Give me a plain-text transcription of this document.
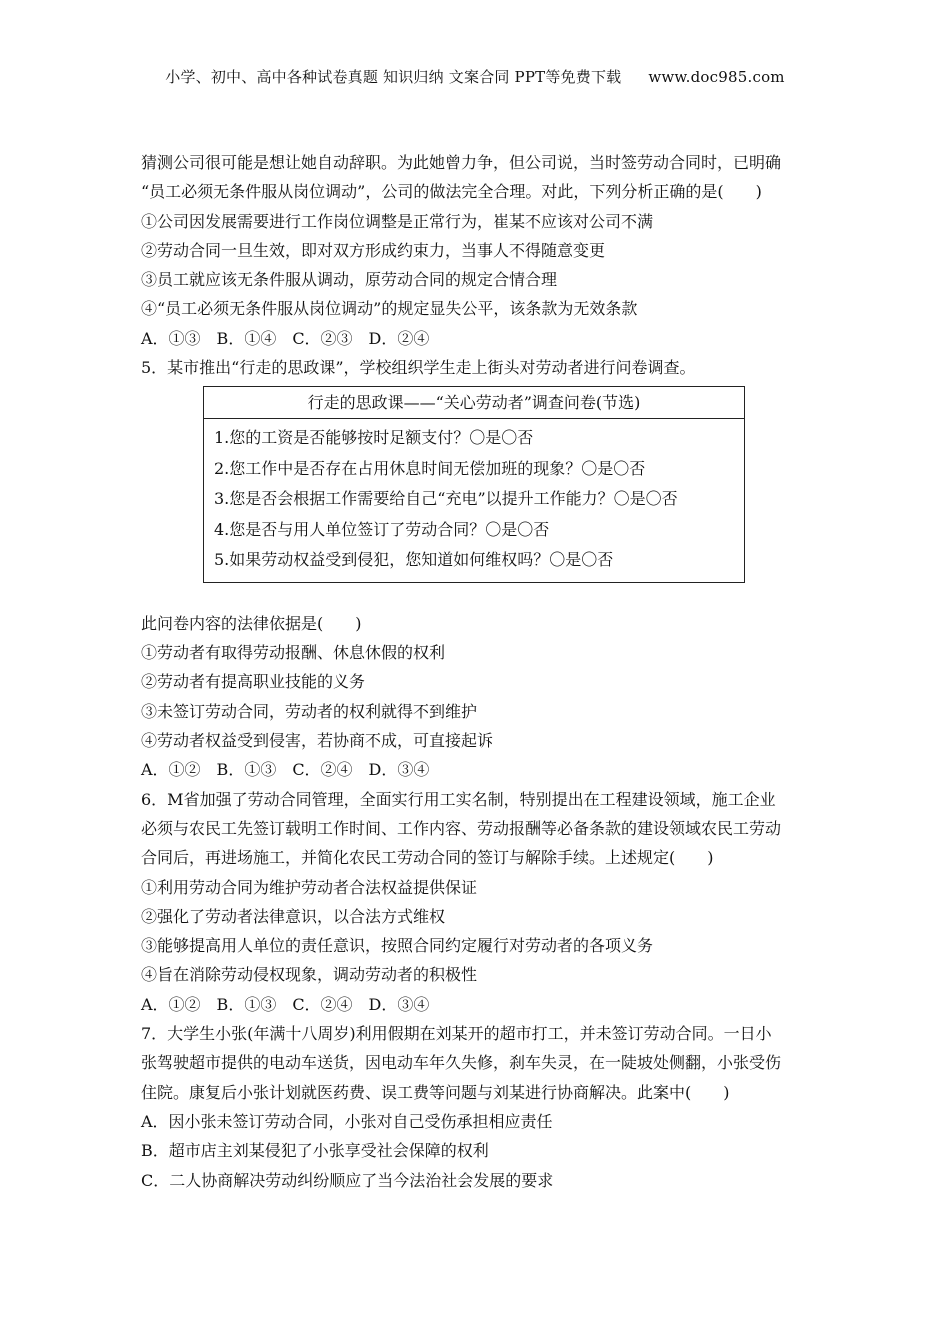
小学、初中、高中各种试卷真题 知识归纳 文案合同 PPT等免费下载 www.doc985.com
猜测公司很可能是想让她自动辞职。为此她曾力争，但公司说，当时签劳动合同时，已明确
“员工必须无条件服从岗位调动”，公司的做法完全合理。对此，下列分析正确的是(　　)
①公司因发展需要进行工作岗位调整是正常行为，崔某不应该对公司不满
②劳动合同一旦生效，即对双方形成约束力，当事人不得随意变更
③员工就应该无条件服从调动，原劳动合同的规定合情合理
④“员工必须无条件服从岗位调动”的规定显失公平，该条款为无效条款
A．①③　B．①④　C．②③　D．②④
5．某市推出“行走的思政课”，学校组织学生走上街头对劳动者进行问卷调查。
行走的思政课——“关心劳动者”调查问卷(节选)
1.您的工资是否能够按时足额支付？〇是〇否
2.您工作中是否存在占用休息时间无偿加班的现象？〇是〇否
3.您是否会根据工作需要给自己“充电”以提升工作能力？〇是〇否
4.您是否与用人单位签订了劳动合同？〇是〇否
5.如果劳动权益受到侵犯，您知道如何维权吗？〇是〇否
此问卷内容的法律依据是(　　)
①劳动者有取得劳动报酬、休息休假的权利
②劳动者有提高职业技能的义务
③未签订劳动合同，劳动者的权利就得不到维护
④劳动者权益受到侵害，若协商不成，可直接起诉
A．①②　B．①③　C．②④　D．③④
6．M省加强了劳动合同管理，全面实行用工实名制，特别提出在工程建设领域，施工企业
必须与农民工先签订载明工作时间、工作内容、劳动报酬等必备条款的建设领域农民工劳动
合同后，再进场施工，并简化农民工劳动合同的签订与解除手续。上述规定(　　)
①利用劳动合同为维护劳动者合法权益提供保证
②强化了劳动者法律意识，以合法方式维权
③能够提高用人单位的责任意识，按照合同约定履行对劳动者的各项义务
④旨在消除劳动侵权现象，调动劳动者的积极性
A．①②　B．①③　C．②④　D．③④
7．大学生小张(年满十八周岁)利用假期在刘某开的超市打工，并未签订劳动合同。一日小
张驾驶超市提供的电动车送货，因电动车年久失修，刹车失灵，在一陡坡处侧翻，小张受伤
住院。康复后小张计划就医药费、误工费等问题与刘某进行协商解决。此案中(　　)
A．因小张未签订劳动合同，小张对自己受伤承担相应责任
B．超市店主刘某侵犯了小张享受社会保障的权利
C．二人协商解决劳动纠纷顺应了当今法治社会发展的要求
